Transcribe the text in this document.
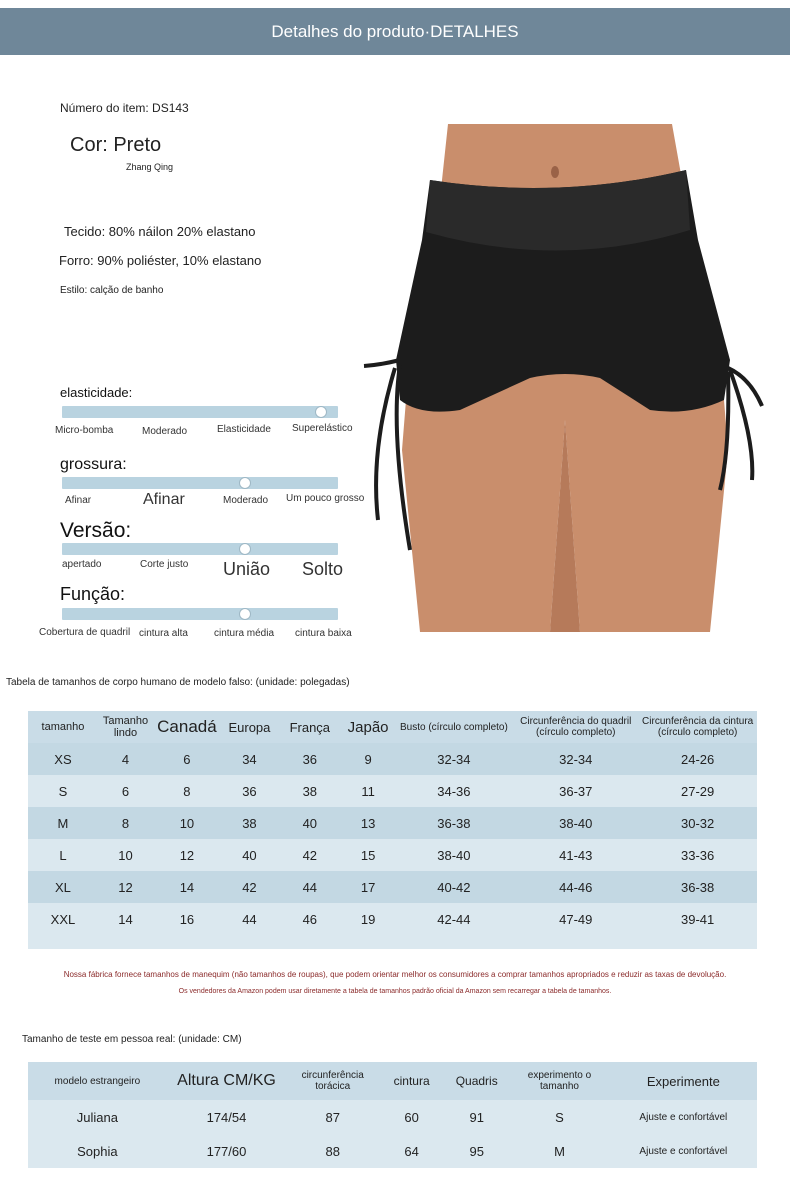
Detalhes do produto·DETALHES
Número do item: DS143
Cor: Preto
Zhang Qing
Tecido: 80% náilon 20% elastano
Forro: 90% poliéster, 10% elastano
Estilo: calção de banho
elasticidade:
Micro-bomba	Moderado	Elasticidade Superelástico
grossura:
Afinar	Afinar	Moderado Um pouco grosso
Versão:
apertado	Corte justo União Solto
Função:
Cobertura de quadril cintura alta	cintura média cintura baixa
Tabela de tamanhos de corpo humano de modelo falso: (unidade: polegadas)
tamanho	Tamanho lindo	Canadá	Europa	França	Japão	Busto (círculo completo)	Circunferência do quadril (círculo completo)	Circunferência da cintura (círculo completo)
XS	4	6	34	36	9	32-34	32-34	24-26
S	6	8	36	38	11	34-36	36-37	27-29
M	8	10	38	40	13	36-38	38-40	30-32
L	10	12	40	42	15	38-40	41-43	33-36
XL	12	14	42	44	17	40-42	44-46	36-38
XXL	14	16	44	46	19	42-44	47-49	39-41

Nossa fábrica fornece tamanhos de manequim (não tamanhos de roupas), que podem orientar melhor os consumidores a comprar tamanhos apropriados e reduzir as taxas de devolução.
Os vendedores da Amazon podem usar diretamente a tabela de tamanhos padrão oficial da Amazon sem recarregar a tabela de tamanhos.
Tamanho de teste em pessoa real: (unidade: CM)
modelo estrangeiro	Altura CM/KG	circunferência torácica	cintura	Quadris	experimento o tamanho	Experimente
Juliana	174/54	87	60	91	S	Ajuste e confortável
Sophia	177/60	88	64	95	M	Ajuste e confortável
